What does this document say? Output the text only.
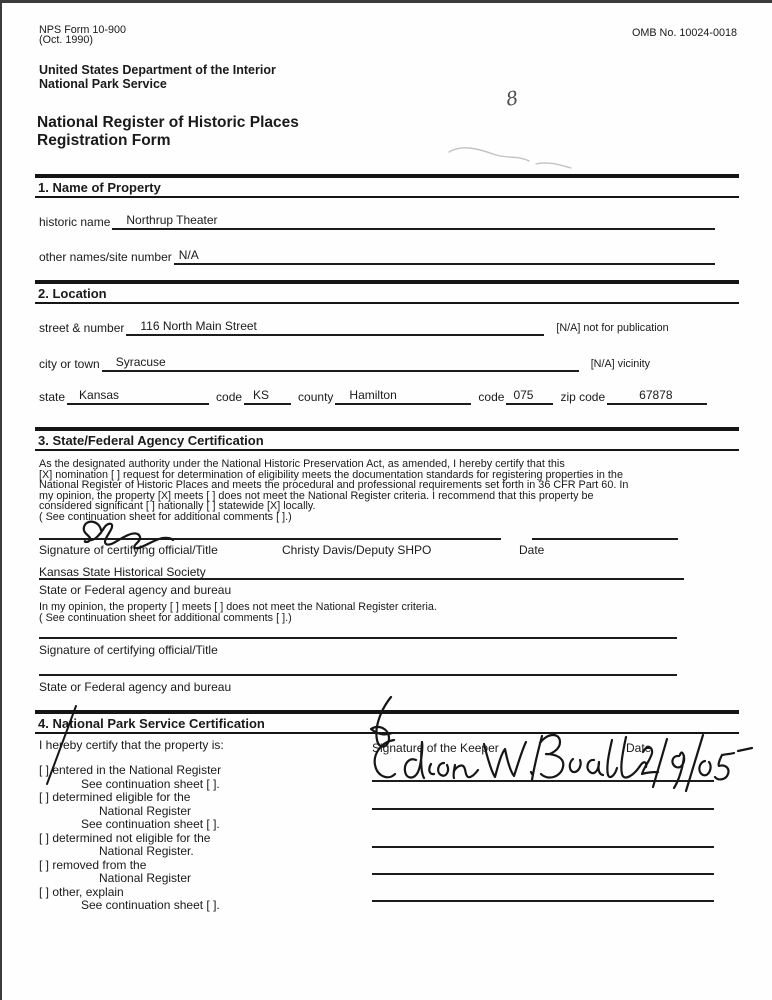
NPS Form 10-900
(Oct. 1990)
OMB No. 10024-0018
United States Department of the Interior
National Park Service
National Register of Historic Places
Registration Form
1. Name of Property
historic name	Northrup Theater
other names/site number N/A
2. Location
street & number	116 North Main Street	[N/A] not for publication
city or town	Syracuse	[N/A] vicinity
state	Kansas	code KS	county	Hamilton	code 075	zip code	67878
3. State/Federal Agency Certification
As the designated authority under the National Historic Preservation Act, as amended, I hereby certify that this
[X] nomination [ ] request for determination of eligibility meets the documentation standards for registering properties in the
National Register of Historic Places and meets the procedural and professional requirements set forth in 36 CFR Part 60. In
my opinion, the property [X] meets [ ] does not meet the National Register criteria. I recommend that this property be
considered significant [ ] nationally [ ] statewide [X] locally.
( See continuation sheet for additional comments [ ].)
Signature of certifying official/Title	Christy Davis/Deputy SHPO	Date
Kansas State Historical Society
State or Federal agency and bureau
In my opinion, the property [ ] meets [ ] does not meet the National Register criteria.
( See continuation sheet for additional comments [ ].)
Signature of certifying official/Title
State or Federal agency and bureau
4. National Park Service Certification
I hereby certify that the property is:	Signature of the Keeper	Date
[ ] entered in the National Register
See continuation sheet [ ].
[ ] determined eligible for the
National Register
See continuation sheet [ ].
[ ] determined not eligible for the
National Register.
[ ] removed from the
National Register
[ ] other, explain
See continuation sheet [ ].
8
